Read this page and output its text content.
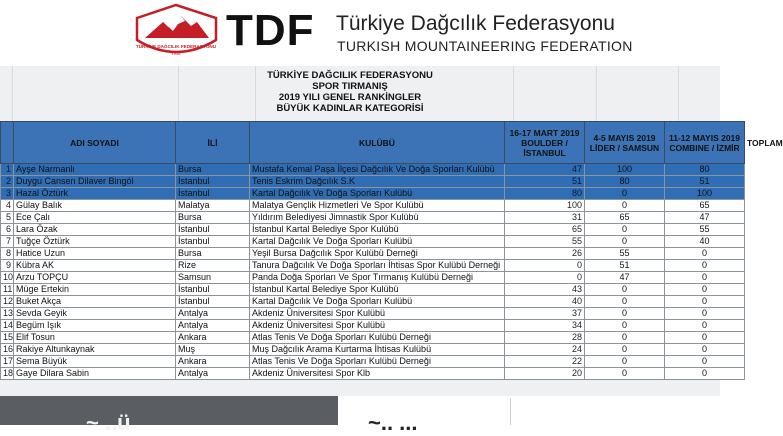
TÜRKİYE DAĞCILIK FEDERASYONU
1936 TDF Türkiye Dağcılık Federasyonu
TURKISH MOUNTAINEERING FEDERATION
TÜRKİYE DAĞCILIK FEDERASYONU
SPOR TIRMANIŞ
2019 YILI GENEL RANKİNGLER
BÜYÜK KADINLAR KATEGORİSİ
	ADI SOYADI	İLİ	KULÜBÜ	16-17 MART 2019 BOULDER / İSTANBUL	4-5 MAYIS 2019 LİDER / SAMSUN	11-12 MAYIS 2019 COMBINE / İZMİR	TOPLAM
1	Ayşe Narmanlı	Bursa	Mustafa Kemal Paşa İlçesi Dağcılık Ve Doğa Sporları Kulübü	47	100	80	
2	Duygu Cansen Dilaver Bingöl	İstanbul	Tenis Eskrim Dağcılık S.K	51	80	51	
3	Hazal Öztürk	İstanbul	Kartal Dağcılık Ve Doğa Sporları Kulübü	80	0	100	
4	Gülay Balık	Malatya	Malatya Gençlik Hizmetleri Ve Spor Kulübü	100	0	65	
5	Ece Çalı	Bursa	Yıldırım Belediyesi Jimnastik Spor Kulübü	31	65	47	
6	Lara Özak	İstanbul	İstanbul Kartal Belediye Spor Kulübü	65	0	55	
7	Tuğçe Öztürk	İstanbul	Kartal Dağcılık Ve Doğa Sporları Kulübü	55	0	40	
8	Hatice Uzun	Bursa	Yeşil Bursa Dağcılık Spor Kulübü Derneği	26	55	0	
9	Kübra AK	Rize	Tanura Dağcılık Ve Doğa Sporları İhtisas Spor Kulübü Derneği	0	51	0	
10	Arzu TOPÇU	Samsun	Panda Doğa Sporları Ve Spor Tırmanış Kulübü Derneği	0	47	0	
11	Müge Ertekin	İstanbul	İstanbul Kartal Belediye Spor Kulübü	43	0	0	
12	Buket Akça	İstanbul	Kartal Dağcılık Ve Doğa Sporları Kulübü	40	0	0	
13	Sevda Geyik	Antalya	Akdeniz Üniversitesi Spor Kulübü	37	0	0	
14	Begüm Işık	Antalya	Akdeniz Üniversitesi Spor Kulübü	34	0	0	
15	Elif Tosun	Ankara	Atlas Tenis Ve Doğa Sporları Kulübü Derneği	28	0	0	
16	Rakiye Altunkaynak	Muş	Muş Dağcılık Arama Kurtarma İhtisas Kulübü	24	0	0	
17	Sema Büyük	Ankara	Atlas Tenis Ve Doğa Sporları Kulübü Derneği	22	0	0	
18	Gaye Dilara Sabin	Antalya	Akdeniz Üniversitesi Spor Klb	20	0	0	
~ ..ü	~.. ...
